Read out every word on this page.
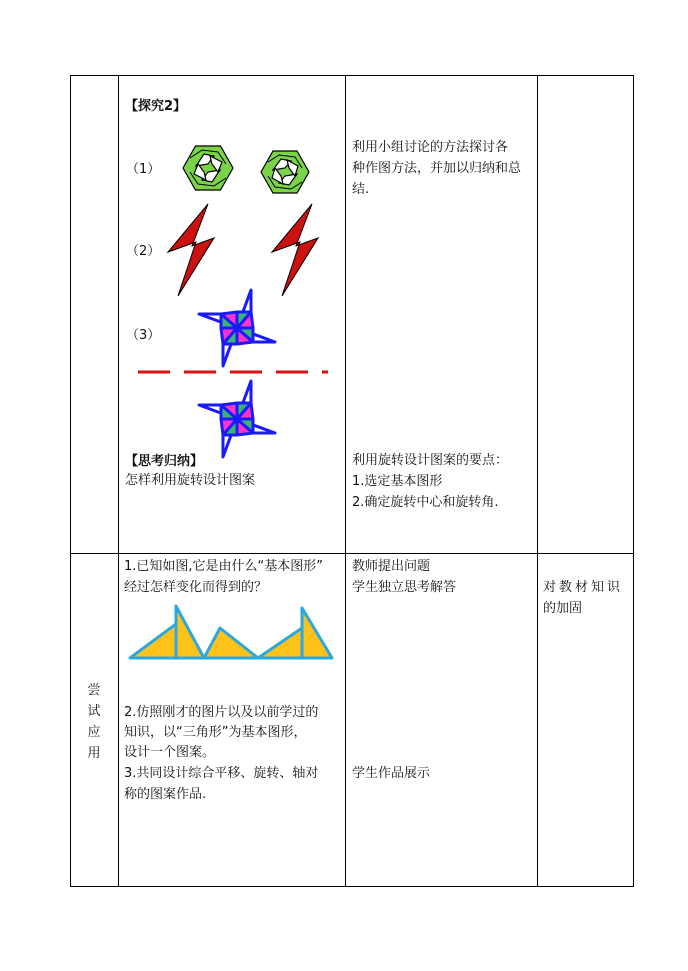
【探究2】
（1）
（2）
（3）
【思考归纳】
怎样利用旋转设计图案
利用小组讨论的方法探讨各
种作图方法，并加以归纳和总
结.
利用旋转设计图案的要点：
1.选定基本图形
2.确定旋转中心和旋转角.
尝
试
应
用
1.已知如图,它是由什么“基本图形”
经过怎样变化而得到的？
2.仿照刚才的图片以及以前学过的
知识，以“三角形”为基本图形，
设计一个图案。
3.共同设计综合平移、旋转、轴对
称的图案作品.
教师提出问题
学生独立思考解答
学生作品展示
对教材知识
的加固
